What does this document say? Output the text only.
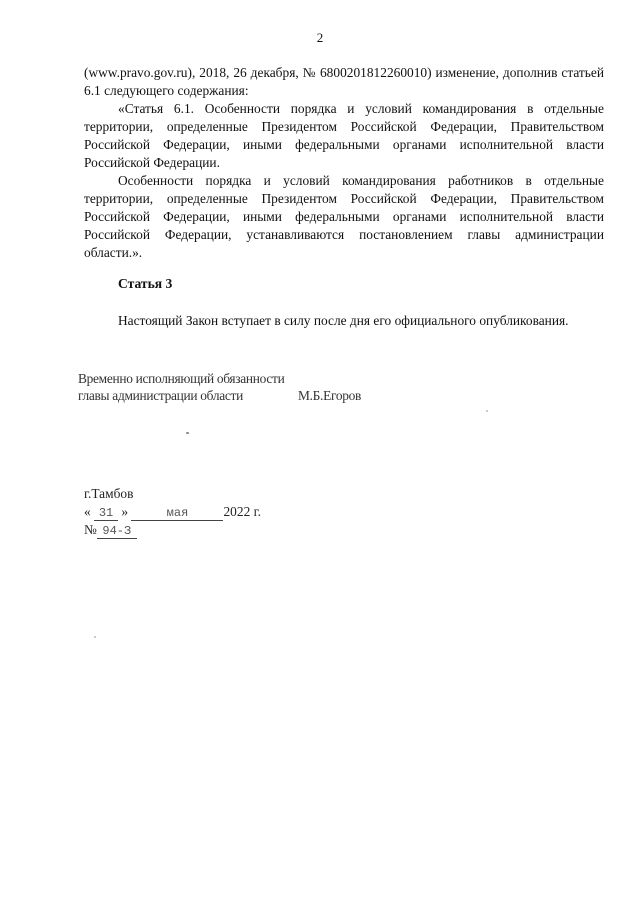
2

(www.pravo.gov.ru), 2018, 26 декабря, № 6800201812260010) изменение, дополнив статьей 6.1 следующего содержания:

«Статья 6.1. Особенности порядка и условий командирования в отдельные территории, определенные Президентом Российской Федерации, Правительством Российской Федерации, иными федеральными органами исполнительной власти Российской Федерации.

Особенности порядка и условий командирования работников в отдельные территории, определенные Президентом Российской Федерации, Правительством Российской Федерации, иными федеральными органами исполнительной власти Российской Федерации, устанавливаются постановлением главы администрации области.».

Статья 3

Настоящий Закон вступает в силу после дня его официального опубликования.

Временно исполняющий обязанности
главы администрации области	М.Б.Егоров
г.Тамбов
« 31 »	мая	2022 г.
№ 94-З
